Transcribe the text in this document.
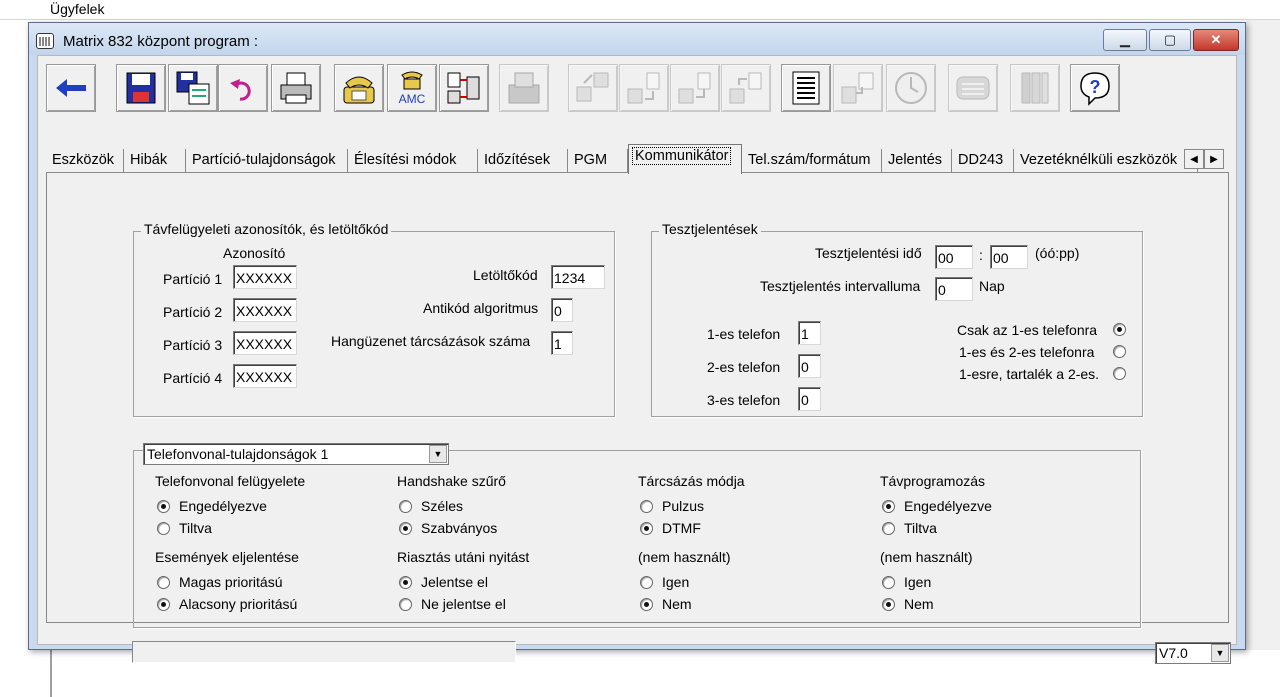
Ügyfelek
Matrix 832 központ program :	▁	▢	✕
AMC
?
Eszközök	Hibák	Partíció-tulajdonságok	Élesítési módok	Időzítések	PGM	Kommunikátor	Tel.szám/formátum	Jelentés	DD243	Vezetéknélküli eszközök	◀ ▶
Távfelügyeleti azonosítók, és letöltőkód
Azonosító
Partíció 1 XXXXXX
Partíció 2 XXXXXX
Partíció 3 XXXXXX
Partíció 4 XXXXXX
Letöltőkód 1234
Antikód algoritmus 0
Hangüzenet tárcsázások száma 1
Tesztjelentések
Tesztjelentési idő 00	: 00	(óó:pp)
Tesztjelentés intervalluma 0	Nap
1-es telefon 1
2-es telefon 0
3-es telefon 0
Csak az 1-es telefonra
1-es és 2-es telefonra
1-esre, tartalék a 2-es.
Telefonvonal-tulajdonságok 1	▼
Telefonvonal felügyelete
Engedélyezve
Tiltva
Handshake szűrő
Széles
Szabványos
Tárcsázás módja
Pulzus
DTMF
Távprogramozás
Engedélyezve
Tiltva
Események eljelentése
Magas prioritású
Alacsony prioritású
Riasztás utáni nyitást
Jelentse el
Ne jelentse el
(nem használt)
Igen
Nem
(nem használt)
Igen
Nem
V7.0	▼
